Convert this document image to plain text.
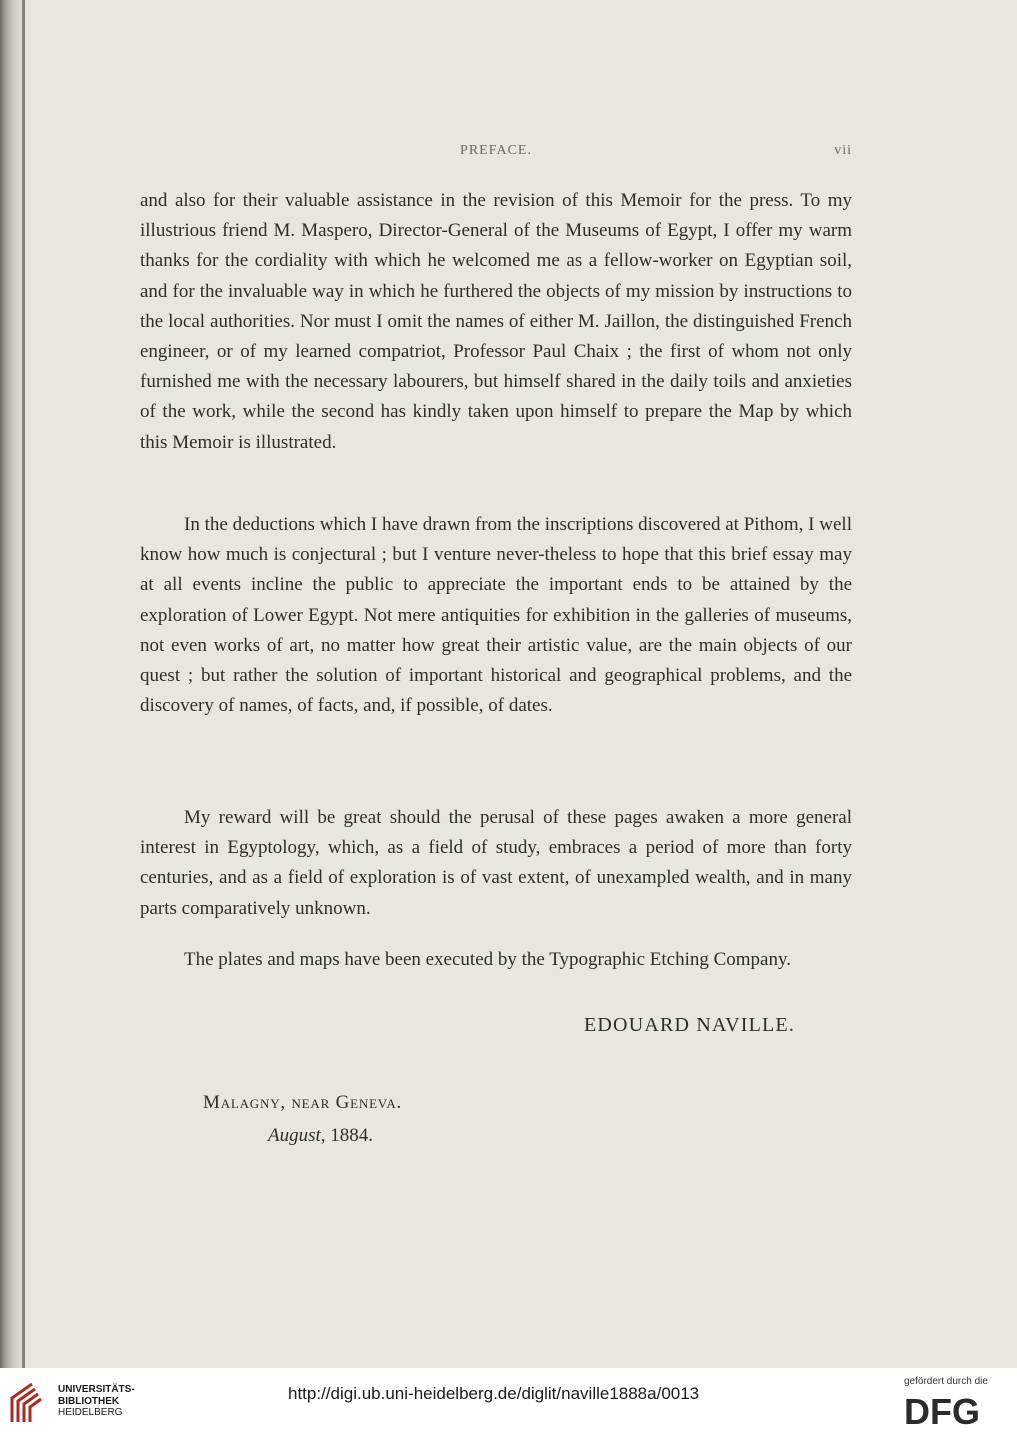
PREFACE.	vii

and also for their valuable assistance in the revision of this Memoir for the press. To my illustrious friend M. Maspero, Director-General of the Museums of Egypt, I offer my warm thanks for the cordiality with which he welcomed me as a fellow-worker on Egyptian soil, and for the invaluable way in which he furthered the objects of my mission by instructions to the local authorities. Nor must I omit the names of either M. Jaillon, the distinguished French engineer, or of my learned compatriot, Professor Paul Chaix ; the first of whom not only furnished me with the necessary labourers, but himself shared in the daily toils and anxieties of the work, while the second has kindly taken upon himself to prepare the Map by which this Memoir is illustrated.

In the deductions which I have drawn from the inscriptions discovered at Pithom, I well know how much is conjectural ; but I venture never-theless to hope that this brief essay may at all events incline the public to appreciate the important ends to be attained by the exploration of Lower Egypt. Not mere antiquities for exhibition in the galleries of museums, not even works of art, no matter how great their artistic value, are the main objects of our quest ; but rather the solution of important historical and geographical problems, and the discovery of names, of facts, and, if possible, of dates.

My reward will be great should the perusal of these pages awaken a more general interest in Egyptology, which, as a field of study, embraces a period of more than forty centuries, and as a field of exploration is of vast extent, of unexampled wealth, and in many parts comparatively unknown.

The plates and maps have been executed by the Typographic Etching Company.

EDOUARD NAVILLE.
Malagny, near Geneva.
August, 1884.
UNIVERSITÄTS-
BIBLIOTHEK
HEIDELBERG
http://digi.ub.uni-heidelberg.de/diglit/naville1888a/0013
gefördert durch die
DFG
